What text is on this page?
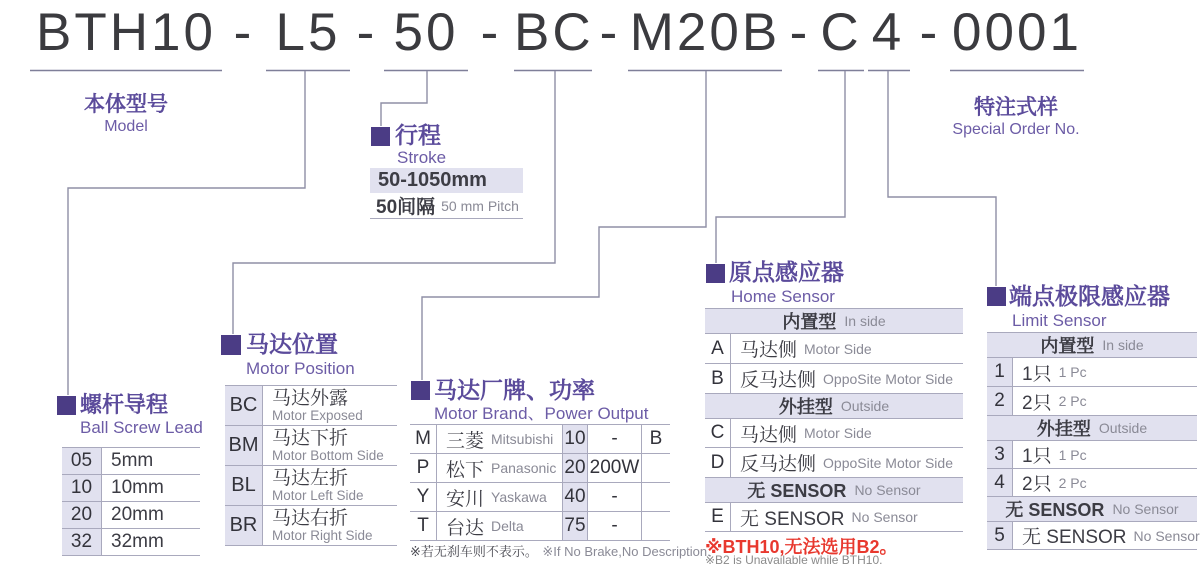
BTH10 - L5 - 50 - BC - M20B - C 4 - 0001
本体型号
Model
特注式样
Special Order No.
行程
Stroke
50-1050mm
50间隔 50 mm Pitch
螺杆导程
Ball Screw Lead
05 5mm
10 10mm
20 20mm
32 32mm
马达位置
Motor Position
BC 马达外露
Motor Exposed
BM 马达下折
Motor Bottom Side
BL 马达左折
Motor Left Side
BR 马达右折
Motor Right Side
马达厂牌、功率
Motor Brand、Power Output
M 三菱 Mitsubishi 10	-	B
P 松下 Panasonic 20 200W
Y 安川 Yaskawa 40	-
T 台达 Delta 75	-
※若无刹车则不表示。 ※If No Brake,No Description.
原点感应器
Home Sensor
内置型 In side
A 马达侧 Motor Side
B 反马达侧 OppoSite Motor Side
外挂型 Outside
C 马达侧 Motor Side
D 反马达侧 OppoSite Motor Side
无 SENSOR No Sensor
E 无 SENSOR No Sensor
※BTH10,无法选用B2。
※B2 is Unavailable while BTH10.
端点极限感应器
Limit Sensor
内置型 In side
1 1只 1 Pc
2 2只 2 Pc
外挂型 Outside
3 1只 1 Pc
4 2只 2 Pc
无 SENSOR No Sensor
5 无 SENSOR No Sensor
